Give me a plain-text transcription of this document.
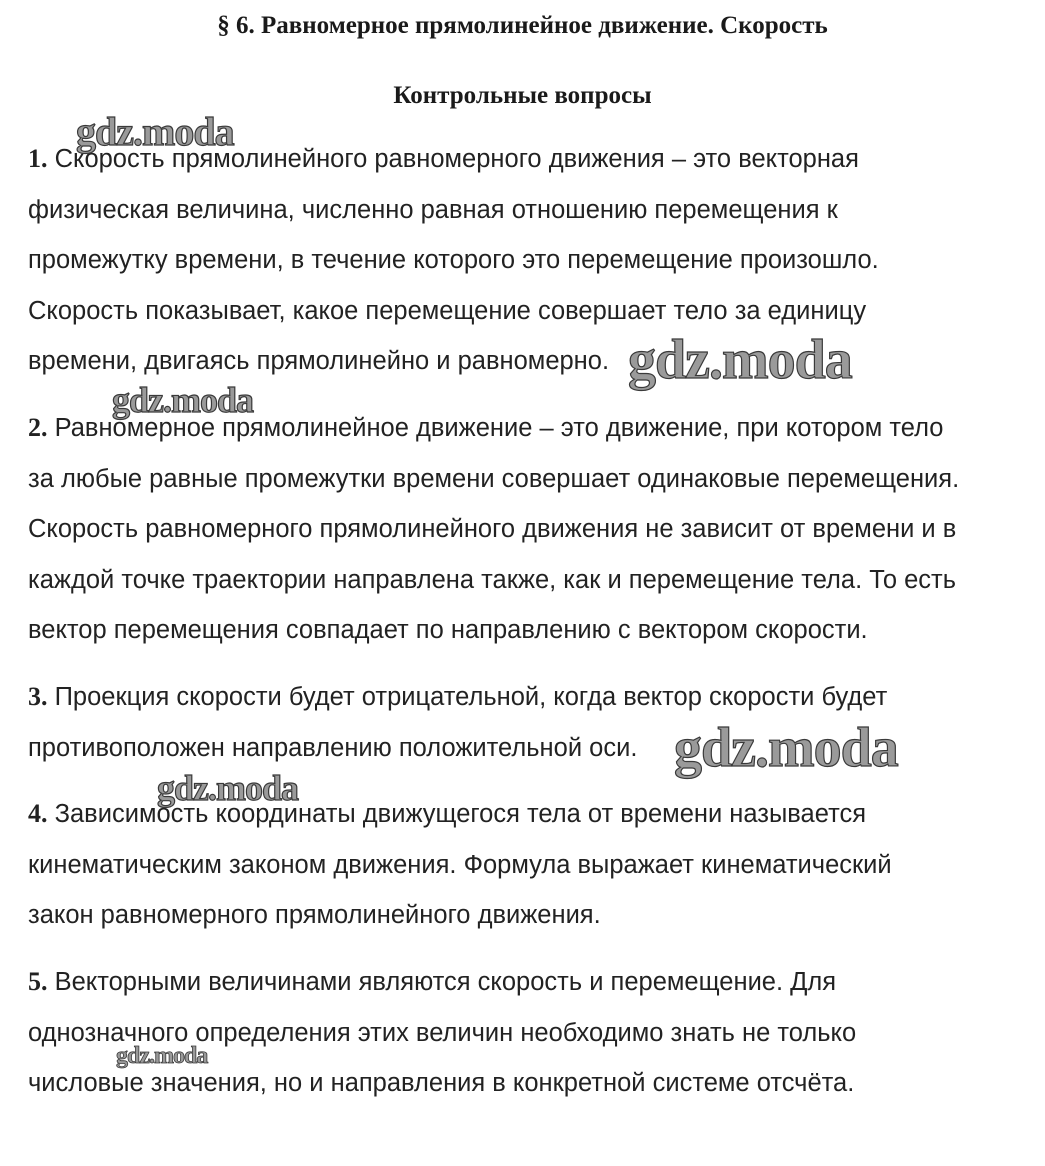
§ 6. Равномерное прямолинейное движение. Скорость
Контрольные вопросы
1. Скорость прямолинейного равномерного движения – это векторная
физическая величина, численно равная отношению перемещения к
промежутку времени, в течение которого это перемещение произошло.
Скорость показывает, какое перемещение совершает тело за единицу
времени, двигаясь прямолинейно и равномерно.
2. Равномерное прямолинейное движение – это движение, при котором тело
за любые равные промежутки времени совершает одинаковые перемещения.
Скорость равномерного прямолинейного движения не зависит от времени и в
каждой точке траектории направлена также, как и перемещение тела. То есть
вектор перемещения совпадает по направлению с вектором скорости.
3. Проекция скорости будет отрицательной, когда вектор скорости будет
противоположен направлению положительной оси.
4. Зависимость координаты движущегося тела от времени называется
кинематическим законом движения. Формула выражает кинематический
закон равномерного прямолинейного движения.
5. Векторными величинами являются скорость и перемещение. Для
однозначного определения этих величин необходимо знать не только
числовые значения, но и направления в конкретной системе отсчёта.
gdz.moda
gdz.moda
gdz.moda
gdz.moda
gdz.moda
gdz.moda
